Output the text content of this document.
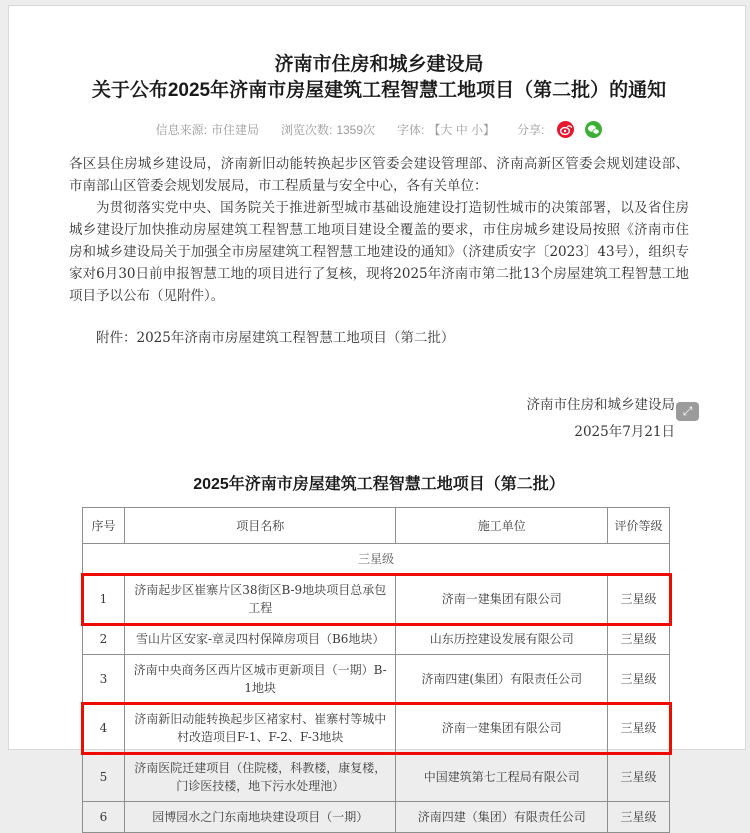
济南市住房和城乡建设局
关于公布2025年济南市房屋建筑工程智慧工地项目（第二批）的通知
信息来源: 市住建局 浏览次数: 1359次 字体: 【大 中 小】 分享:

各区县住房城乡建设局，济南新旧动能转换起步区管委会建设管理部、济南高新区管委会规划建设部、市南部山区管委会规划发展局，市工程质量与安全中心，各有关单位：

为贯彻落实党中央、国务院关于推进新型城市基础设施建设打造韧性城市的决策部署，以及省住房城乡建设厅加快推动房屋建筑工程智慧工地项目建设全覆盖的要求，市住房城乡建设局按照《济南市住房和城乡建设局关于加强全市房屋建筑工程智慧工地建设的通知》（济建质安字〔2023〕43号），组织专家对6月30日前申报智慧工地的项目进行了复核，现将2025年济南市第二批13个房屋建筑工程智慧工地项目予以公布（见附件）。

附件：2025年济南市房屋建筑工程智慧工地项目（第二批）
济南市住房和城乡建设局
2025年7月21日
2025年济南市房屋建筑工程智慧工地项目（第二批）
序号	项目名称	施工单位	评价等级
三星级			
1	济南起步区崔寨片区38街区B-9地块项目总承包工程	济南一建集团有限公司	三星级
2	雪山片区安家-章灵四村保障房项目（B6地块）	山东历控建设发展有限公司	三星级
3	济南中央商务区西片区城市更新项目（一期）B-1地块	济南四建(集团）有限责任公司	三星级
4	济南新旧动能转换起步区褚家村、崔寨村等城中村改造项目F-1、F-2、F-3地块	济南一建集团有限公司	三星级
5	济南医院迁建项目（住院楼，科教楼，康复楼，门诊医技楼，地下污水处理池）	中国建筑第七工程局有限公司	三星级
6	园博园水之门东南地块建设项目（一期）	济南四建（集团）有限责任公司	三星级
⤢
